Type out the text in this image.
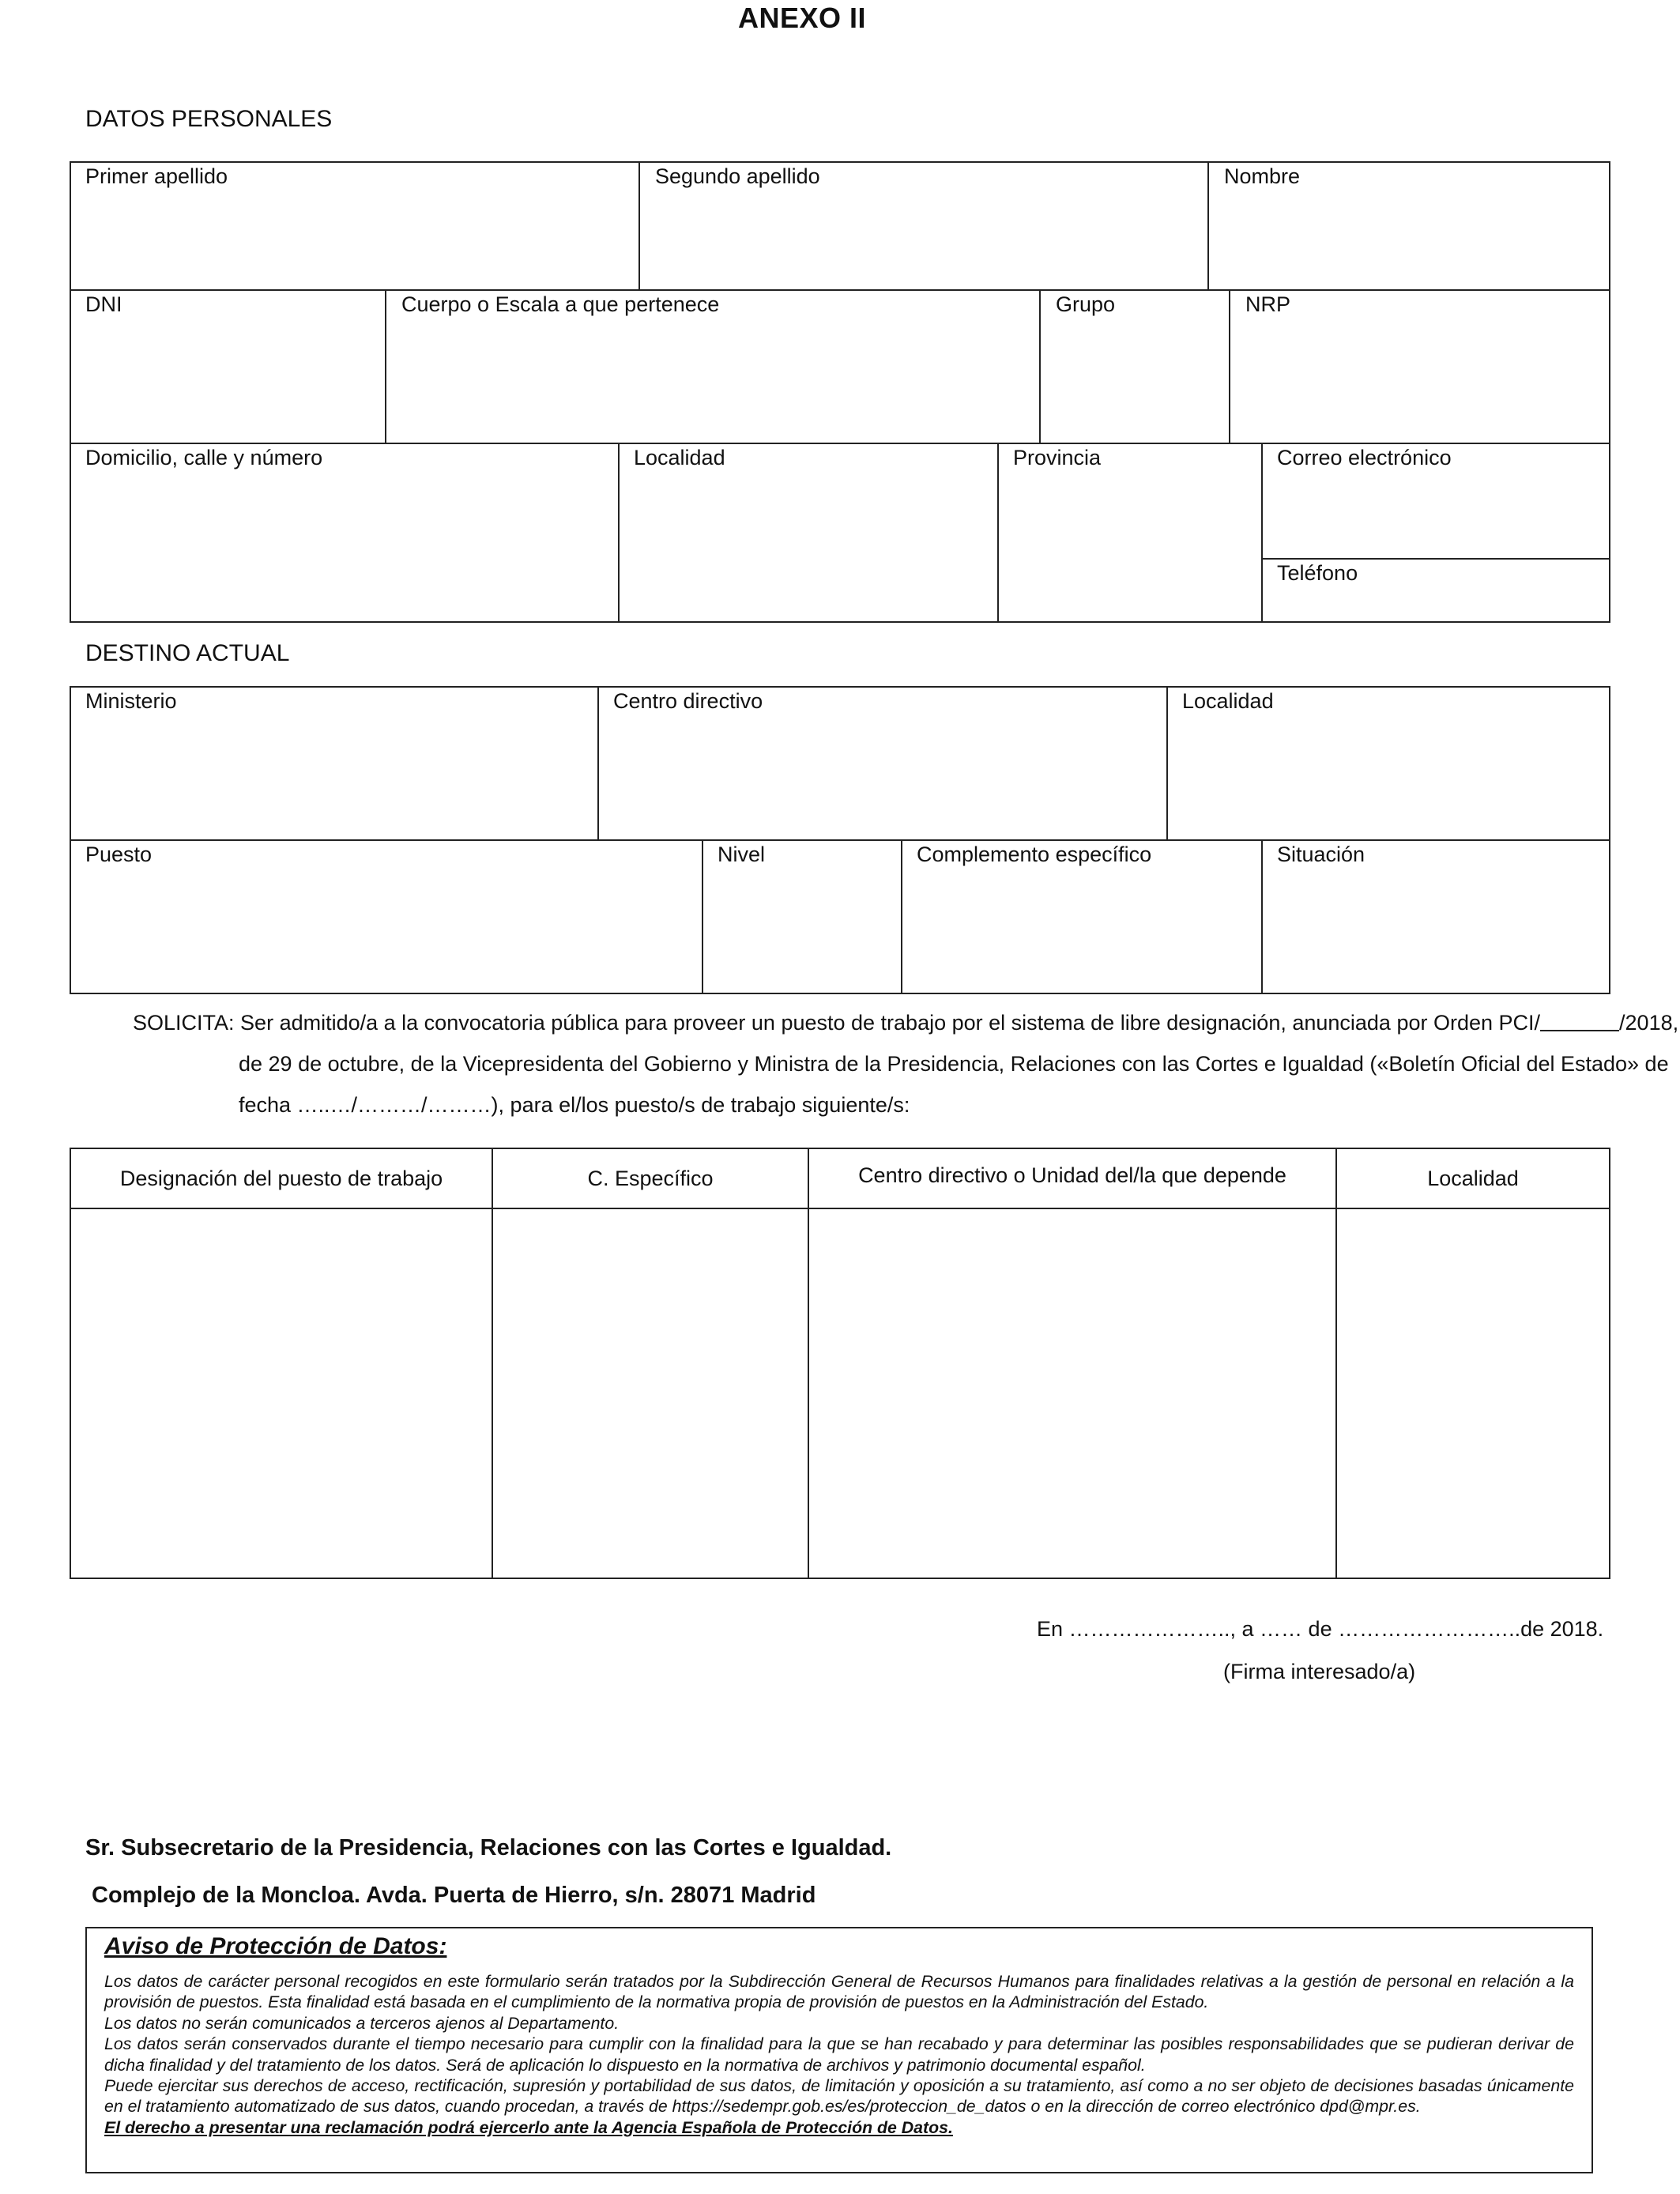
ANEXO II
DATOS PERSONALES
Primer apellido	Segundo apellido	Nombre
DNI	Cuerpo o Escala a que pertenece	Grupo	NRP
Domicilio, calle y número	Localidad	Provincia	Correo electrónico
Teléfono
DESTINO ACTUAL
Ministerio	Centro directivo	Localidad
Puesto	Nivel	Complemento específico	Situación
SOLICITA: Ser admitido/a a la convocatoria pública para proveer un puesto de trabajo por el sistema de libre designación, anunciada por Orden PCI/	/2018,
de 29 de octubre, de la Vicepresidenta del Gobierno y Ministra de la Presidencia, Relaciones con las Cortes e Igualdad («Boletín Oficial del Estado» de
fecha …..…/………/………), para el/los puesto/s de trabajo siguiente/s:
Designación del puesto de trabajo	C. Específico	Centro directivo o Unidad del/la que depende	Localidad
En ………………….., a …… de ……………………..de 2018.
(Firma interesado/a)
Sr. Subsecretario de la Presidencia, Relaciones con las Cortes e Igualdad.
Complejo de la Moncloa. Avda. Puerta de Hierro, s/n. 28071 Madrid
Aviso de Protección de Datos:

Los datos de carácter personal recogidos en este formulario serán tratados por la Subdirección General de Recursos Humanos para finalidades relativas a la gestión de personal en relación a la provisión de puestos. Esta finalidad está basada en el cumplimiento de la normativa propia de provisión de puestos en la Administración del Estado.

Los datos no serán comunicados a terceros ajenos al Departamento.

Los datos serán conservados durante el tiempo necesario para cumplir con la finalidad para la que se han recabado y para determinar las posibles responsabilidades que se pudieran derivar de dicha finalidad y del tratamiento de los datos. Será de aplicación lo dispuesto en la normativa de archivos y patrimonio documental español.

Puede ejercitar sus derechos de acceso, rectificación, supresión y portabilidad de sus datos, de limitación y oposición a su tratamiento, así como a no ser objeto de decisiones basadas únicamente en el tratamiento automatizado de sus datos, cuando procedan, a través de https://sedempr.gob.es/es/proteccion_de_datos o en la dirección de correo electrónico dpd@mpr.es.

El derecho a presentar una reclamación podrá ejercerlo ante la Agencia Española de Protección de Datos.
